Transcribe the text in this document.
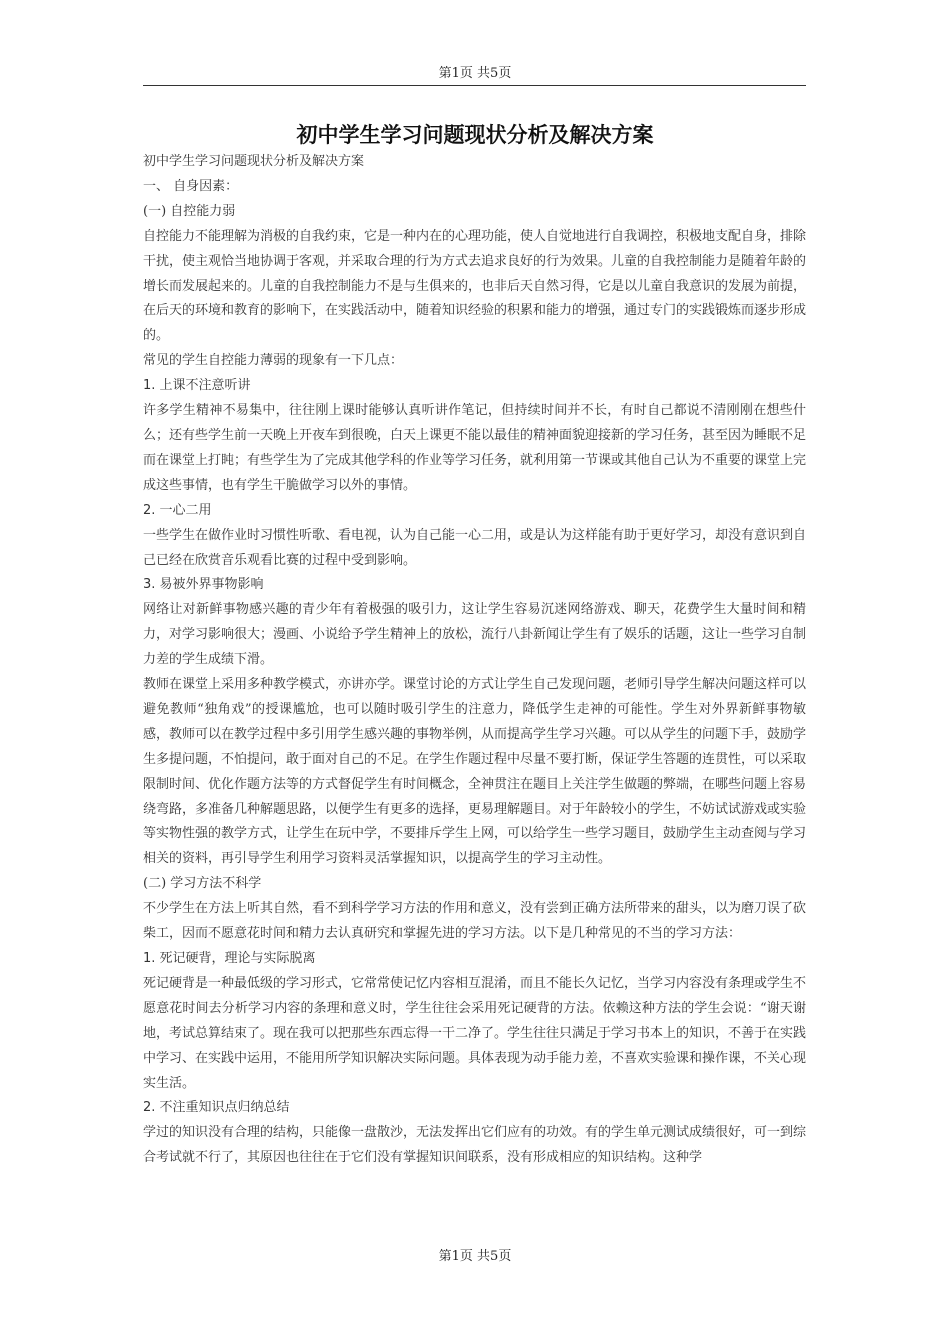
第1页 共5页
初中学生学习问题现状分析及解决方案

初中学生学习问题现状分析及解决方案

一、 自身因素：

(一) 自控能力弱

自控能力不能理解为消极的自我约束，它是一种内在的心理功能，使人自觉地进行自我调控，积极地支配自身，排除干扰，使主观恰当地协调于客观，并采取合理的行为方式去追求良好的行为效果。儿童的自我控制能力是随着年龄的增长而发展起来的。儿童的自我控制能力不是与生俱来的，也非后天自然习得，它是以儿童自我意识的发展为前提，在后天的环境和教育的影响下，在实践活动中，随着知识经验的积累和能力的增强，通过专门的实践锻炼而逐步形成的。

常见的学生自控能力薄弱的现象有一下几点：

1. 上课不注意听讲

许多学生精神不易集中，往往刚上课时能够认真听讲作笔记，但持续时间并不长，有时自己都说不清刚刚在想些什么；还有些学生前一天晚上开夜车到很晚，白天上课更不能以最佳的精神面貌迎接新的学习任务，甚至因为睡眠不足而在课堂上打盹；有些学生为了完成其他学科的作业等学习任务，就利用第一节课或其他自己认为不重要的课堂上完成这些事情，也有学生干脆做学习以外的事情。

2. 一心二用

一些学生在做作业时习惯性听歌、看电视，认为自己能一心二用，或是认为这样能有助于更好学习，却没有意识到自己已经在欣赏音乐观看比赛的过程中受到影响。

3. 易被外界事物影响

网络让对新鲜事物感兴趣的青少年有着极强的吸引力，这让学生容易沉迷网络游戏、聊天，花费学生大量时间和精力，对学习影响很大；漫画、小说给予学生精神上的放松，流行八卦新闻让学生有了娱乐的话题，这让一些学习自制力差的学生成绩下滑。

教师在课堂上采用多种教学模式，亦讲亦学。课堂讨论的方式让学生自己发现问题，老师引导学生解决问题这样可以避免教师“独角戏”的授课尴尬，也可以随时吸引学生的注意力，降低学生走神的可能性。学生对外界新鲜事物敏感，教师可以在教学过程中多引用学生感兴趣的事物举例，从而提高学生学习兴趣。可以从学生的问题下手，鼓励学生多提问题，不怕提问，敢于面对自己的不足。在学生作题过程中尽量不要打断，保证学生答题的连贯性，可以采取限制时间、优化作题方法等的方式督促学生有时间概念，全神贯注在题目上关注学生做题的弊端，在哪些问题上容易绕弯路，多准备几种解题思路，以便学生有更多的选择，更易理解题目。对于年龄较小的学生，不妨试试游戏或实验等实物性强的教学方式，让学生在玩中学，不要排斥学生上网，可以给学生一些学习题目，鼓励学生主动查阅与学习相关的资料，再引导学生利用学习资料灵活掌握知识，以提高学生的学习主动性。

(二) 学习方法不科学

不少学生在方法上听其自然，看不到科学学习方法的作用和意义，没有尝到正确方法所带来的甜头，以为磨刀误了砍柴工，因而不愿意花时间和精力去认真研究和掌握先进的学习方法。以下是几种常见的不当的学习方法：

1. 死记硬背，理论与实际脱离

死记硬背是一种最低级的学习形式，它常常使记忆内容相互混淆，而且不能长久记忆，当学习内容没有条理或学生不愿意花时间去分析学习内容的条理和意义时，学生往往会采用死记硬背的方法。依赖这种方法的学生会说：“谢天谢地，考试总算结束了。现在我可以把那些东西忘得一干二净了。学生往往只满足于学习书本上的知识，不善于在实践中学习、在实践中运用，不能用所学知识解决实际问题。具体表现为动手能力差，不喜欢实验课和操作课，不关心现实生活。

2. 不注重知识点归纳总结

学过的知识没有合理的结构，只能像一盘散沙，无法发挥出它们应有的功效。有的学生单元测试成绩很好，可一到综合考试就不行了，其原因也往往在于它们没有掌握知识间联系，没有形成相应的知识结构。这种学

第1页 共5页
